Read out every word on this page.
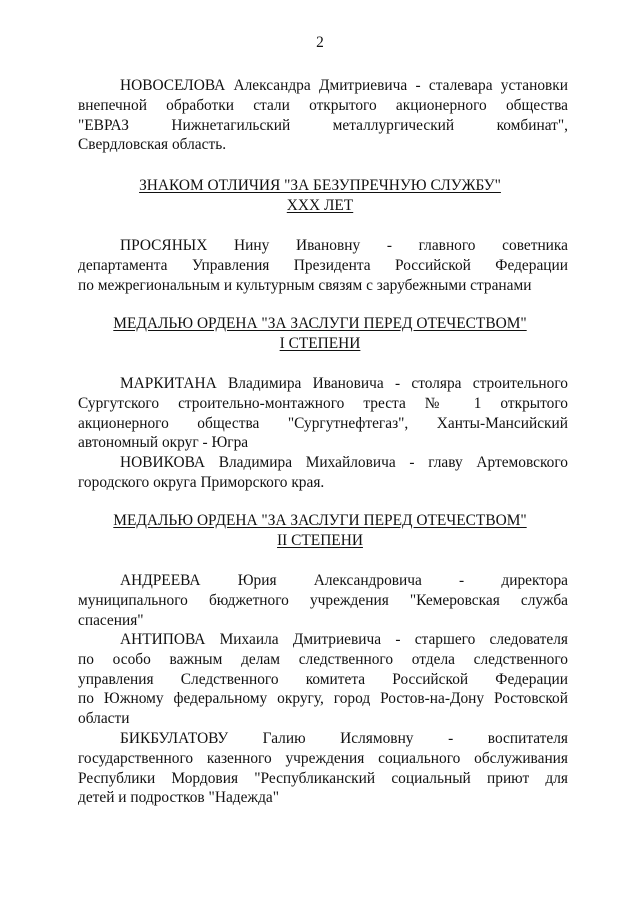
2
НОВОСЕЛОВА Александра Дмитриевича - сталевара установки
внепечной обработки стали открытого акционерного общества
"ЕВРАЗ Нижнетагильский металлургический комбинат",
Свердловская область.
ЗНАКОМ ОТЛИЧИЯ "ЗА БЕЗУПРЕЧНУЮ СЛУЖБУ"
XXX ЛЕТ
ПРОСЯНЫХ Нину Ивановну - главного советника
департамента Управления Президента Российской Федерации
по межрегиональным и культурным связям с зарубежными странами
МЕДАЛЬЮ ОРДЕНА "ЗА ЗАСЛУГИ ПЕРЕД ОТЕЧЕСТВОМ"
I СТЕПЕНИ
МАРКИТАНА Владимира Ивановича - столяра строительного
Сургутского строительно-монтажного треста № 1 открытого
акционерного общества "Сургутнефтегаз", Ханты-Мансийский
автономный округ - Югра
НОВИКОВА Владимира Михайловича - главу Артемовского
городского округа Приморского края.
МЕДАЛЬЮ ОРДЕНА "ЗА ЗАСЛУГИ ПЕРЕД ОТЕЧЕСТВОМ"
II СТЕПЕНИ
АНДРЕЕВА Юрия Александровича - директора
муниципального бюджетного учреждения "Кемеровская служба
спасения"
АНТИПОВА Михаила Дмитриевича - старшего следователя
по особо важным делам следственного отдела следственного
управления Следственного комитета Российской Федерации
по Южному федеральному округу, город Ростов-на-Дону Ростовской
области
БИКБУЛАТОВУ Галию Ислямовну - воспитателя
государственного казенного учреждения социального обслуживания
Республики Мордовия "Республиканский социальный приют для
детей и подростков "Надежда"
